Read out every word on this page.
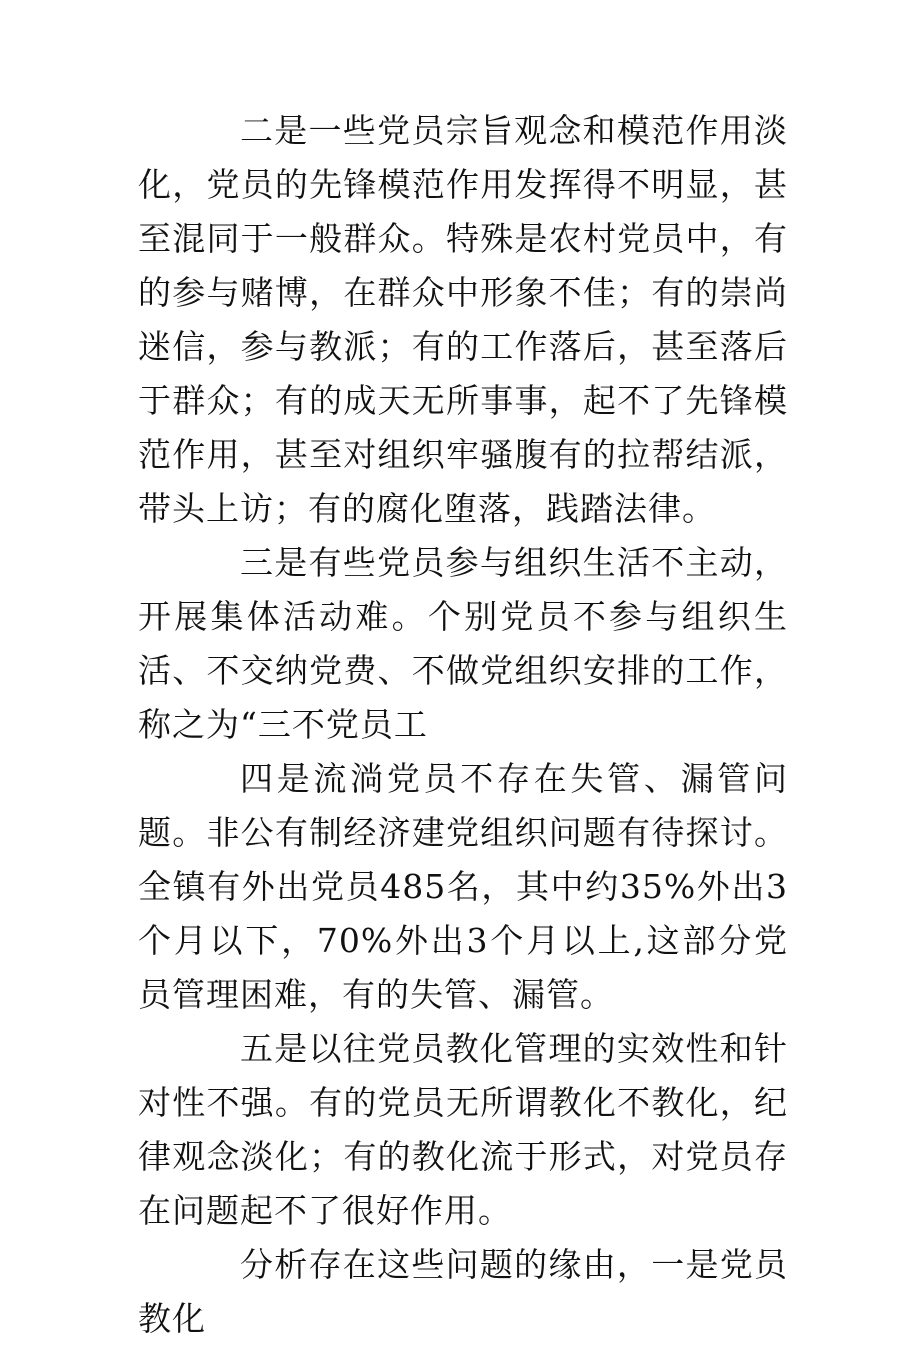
二是一些党员宗旨观念和模范作用淡化，党员的先锋模范作用发挥得不明显，甚至混同于一般群众。特殊是农村党员中，有的参与赌博，在群众中形象不佳；有的崇尚迷信，参与教派；有的工作落后，甚至落后于群众；有的成天无所事事，起不了先锋模范作用，甚至对组织牢骚腹有的拉帮结派，带头上访；有的腐化堕落，践踏法律。

三是有些党员参与组织生活不主动，开展集体活动难。个别党员不参与组织生活、不交纳党费、不做党组织安排的工作，称之为“三不党员工

四是流淌党员不存在失管、漏管问题。非公有制经济建党组织问题有待探讨。全镇有外出党员485名，其中约35%外出3个月以下，70%外出3个月以上,这部分党员管理困难，有的失管、漏管。

五是以往党员教化管理的实效性和针对性不强。有的党员无所谓教化不教化，纪律观念淡化；有的教化流于形式，对党员存在问题起不了很好作用。

分析存在这些问题的缘由，一是党员教化
